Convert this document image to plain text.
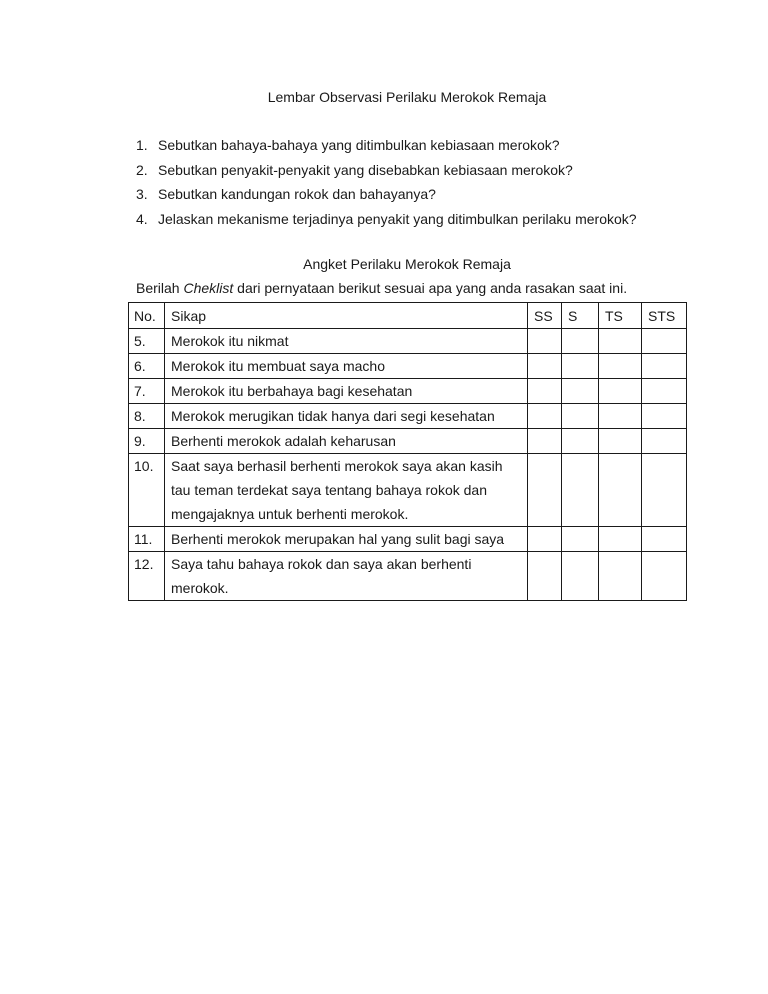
Lembar Observasi Perilaku Merokok Remaja
1. Sebutkan bahaya-bahaya yang ditimbulkan kebiasaan merokok?
2. Sebutkan penyakit-penyakit yang disebabkan kebiasaan merokok?
3. Sebutkan kandungan rokok dan bahayanya?
4. Jelaskan mekanisme terjadinya penyakit yang ditimbulkan perilaku merokok?
Angket Perilaku Merokok Remaja
Berilah Cheklist dari pernyataan berikut sesuai apa yang anda rasakan saat ini.
No.	Sikap	SS	S	TS	STS
5.	Merokok itu nikmat				

6.	Merokok itu membuat saya macho				

7.	Merokok itu berbahaya bagi kesehatan				

8.	Merokok merugikan tidak hanya dari segi kesehatan				

9.	Berhenti merokok adalah keharusan				

10.	Saat saya berhasil berhenti merokok saya akan kasih
tau teman terdekat saya tentang bahaya rokok dan
mengajaknya untuk berhenti merokok.				

11.	Berhenti merokok merupakan hal yang sulit bagi saya				

12.	Saya tahu bahaya rokok dan saya akan berhenti
merokok.				
